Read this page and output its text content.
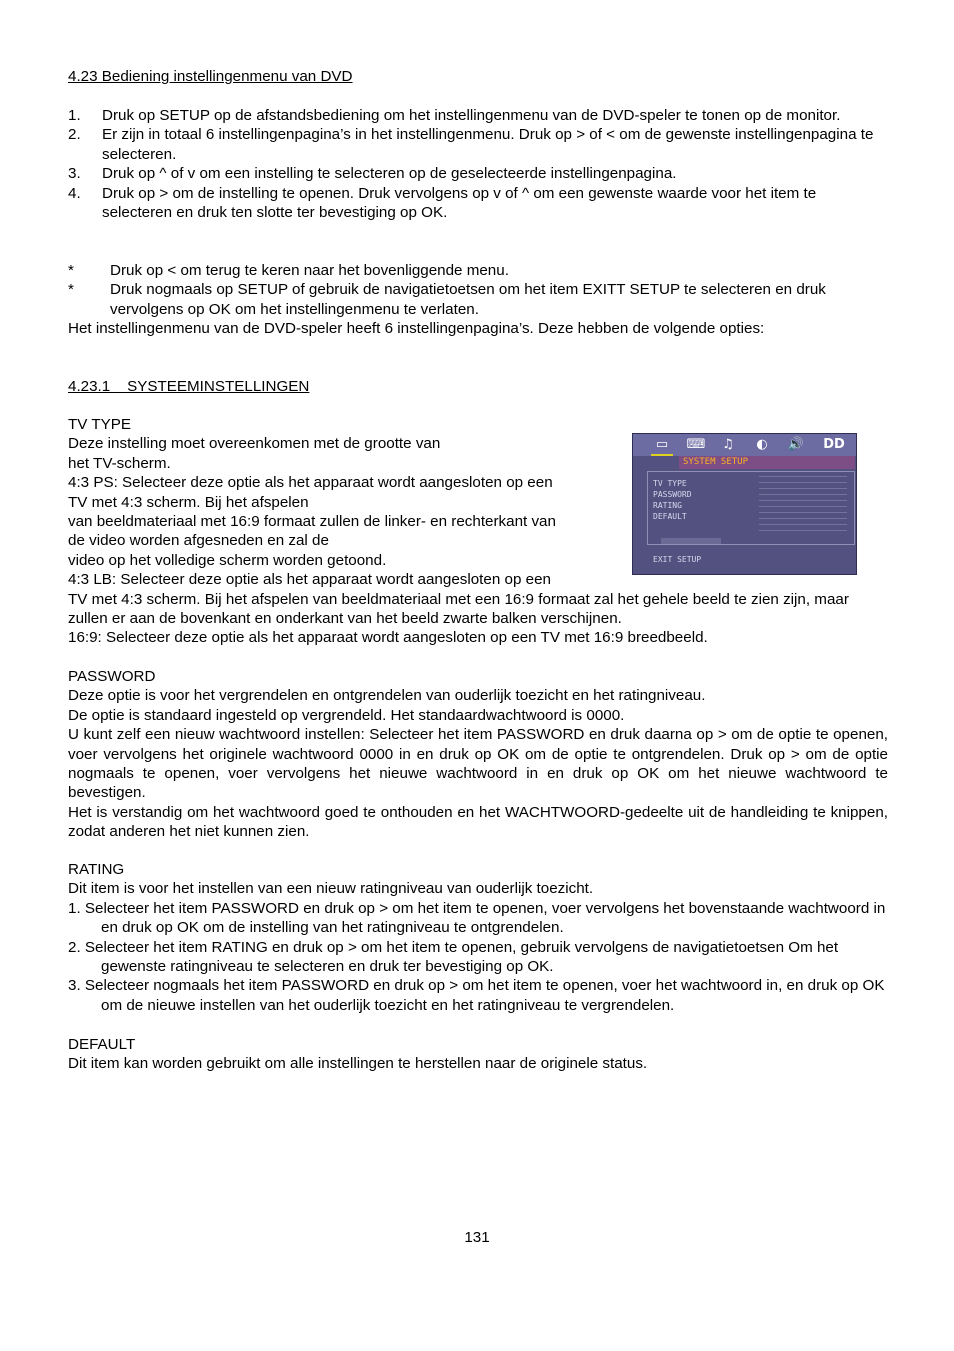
4.23 Bediening instellingenmenu van DVD
1. Druk op SETUP op de afstandsbediening om het instellingenmenu van de DVD-speler te tonen op de monitor.
2. Er zijn in totaal 6 instellingenpagina’s in het instellingenmenu. Druk op > of < om de gewenste instellingenpagina te selecteren.
3. Druk op ^ of v om een instelling te selecteren op de geselecteerde instellingenpagina.
4. Druk op > om de instelling te openen. Druk vervolgens op v of ^ om een gewenste waarde voor het item te selecteren en druk ten slotte ter bevestiging op OK.
* Druk op < om terug te keren naar het bovenliggende menu.
* Druk nogmaals op SETUP of gebruik de navigatietoetsen om het item EXITT SETUP te selecteren en druk vervolgens op OK om het instellingenmenu te verlaten.
Het instellingenmenu van de DVD-speler heeft 6 instellingenpagina’s. Deze hebben de volgende opties:
4.23.1    SYSTEEMINSTELLINGEN
TV TYPE
Deze instelling moet overeenkomen met de grootte van
het TV-scherm.
4:3 PS: Selecteer deze optie als het apparaat wordt aangesloten op een
TV met 4:3 scherm. Bij het afspelen
van beeldmateriaal met 16:9 formaat zullen de linker- en rechterkant van
de video worden afgesneden en zal de
video op het volledige scherm worden getoond.
4:3 LB: Selecteer deze optie als het apparaat wordt aangesloten op een
TV met 4:3 scherm. Bij het afspelen van beeldmateriaal met een 16:9 formaat zal het gehele beeld te zien zijn, maar zullen er aan de bovenkant en onderkant van het beeld zwarte balken verschijnen.
16:9: Selecteer deze optie als het apparaat wordt aangesloten op een TV met 16:9 breedbeeld.
▭	⌨	♫	◐	🔊	DD
SYSTEM SETUP
TV TYPE
PASSWORD
RATING
DEFAULT
EXIT SETUP
PASSWORD
Deze optie is voor het vergrendelen en ontgrendelen van ouderlijk toezicht en het ratingniveau.
De optie is standaard ingesteld op vergrendeld. Het standaardwachtwoord is 0000.
U kunt zelf een nieuw wachtwoord instellen: Selecteer het item PASSWORD en druk daarna op > om de optie te openen, voer vervolgens het originele wachtwoord 0000 in en druk op OK om de optie te ontgrendelen. Druk op > om de optie nogmaals te openen, voer vervolgens het nieuwe wachtwoord in en druk op OK om het nieuwe wachtwoord te bevestigen.
Het is verstandig om het wachtwoord goed te onthouden en het WACHTWOORD-gedeelte uit de handleiding te knippen, zodat anderen het niet kunnen zien.
RATING
Dit item is voor het instellen van een nieuw ratingniveau van ouderlijk toezicht.
1. Selecteer het item PASSWORD en druk op > om het item te openen, voer vervolgens het bovenstaande wachtwoord in en druk op OK om de instelling van het ratingniveau te ontgrendelen.
2. Selecteer het item RATING en druk op > om het item te openen, gebruik vervolgens de navigatietoetsen Om het gewenste ratingniveau te selecteren en druk ter bevestiging op OK.
3. Selecteer nogmaals het item PASSWORD en druk op > om het item te openen, voer het wachtwoord in, en druk op OK om de nieuwe instellen van het ouderlijk toezicht en het ratingniveau te vergrendelen.
DEFAULT
Dit item kan worden gebruikt om alle instellingen te herstellen naar de originele status.
131
